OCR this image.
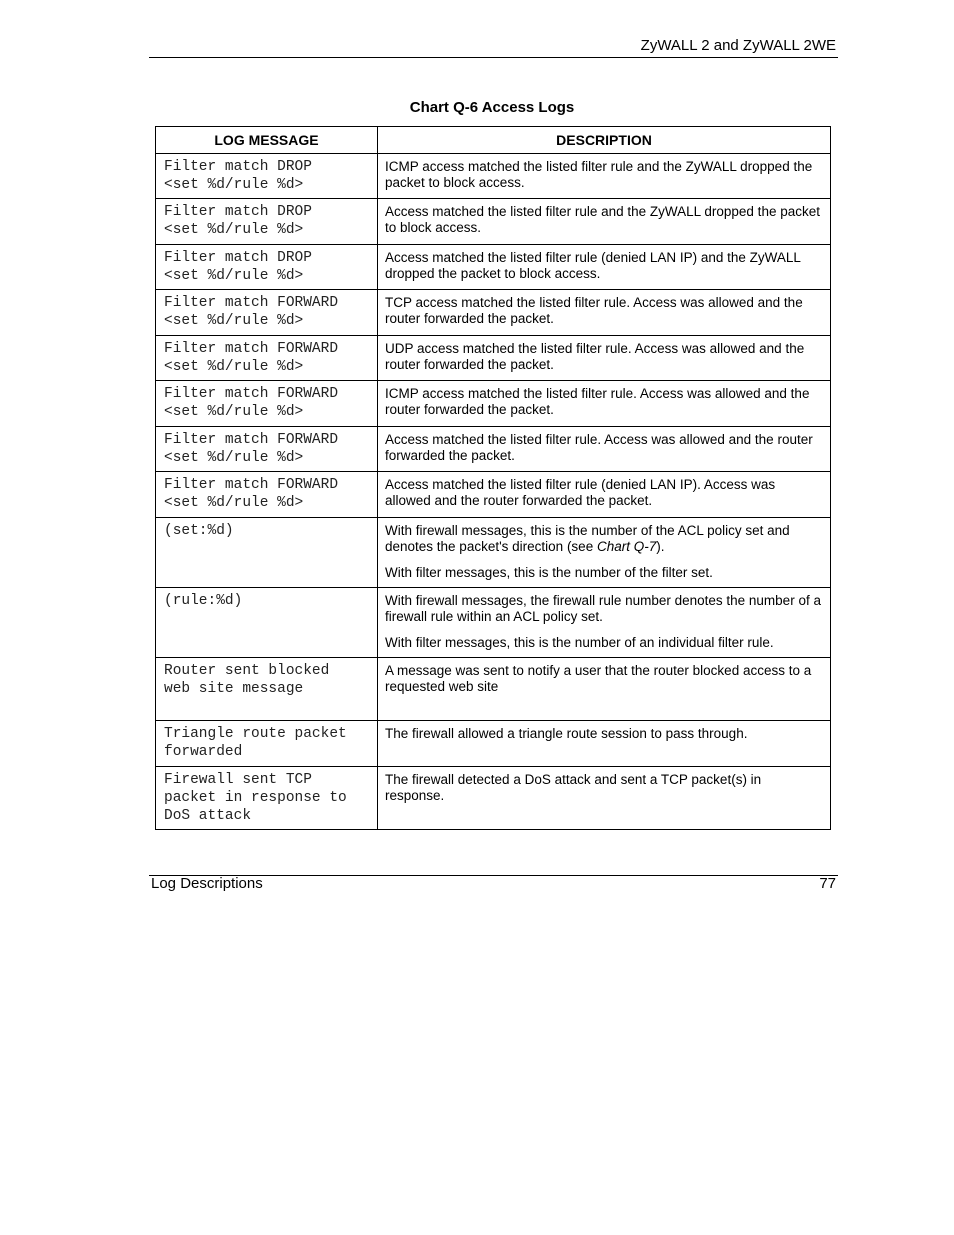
ZyWALL 2 and ZyWALL 2WE
Chart Q-6 Access Logs
LOG MESSAGE	DESCRIPTION
Filter match DROP
<set %d/rule %d>	ICMP access matched the listed filter rule and the ZyWALL dropped the packet to block access.
Filter match DROP
<set %d/rule %d>	Access matched the listed filter rule and the ZyWALL dropped the packet to block access.
Filter match DROP
<set %d/rule %d>	Access matched the listed filter rule (denied LAN IP) and the ZyWALL dropped the packet to block access.
Filter match FORWARD
<set %d/rule %d>	TCP access matched the listed filter rule. Access was allowed and the router forwarded the packet.
Filter match FORWARD
<set %d/rule %d>	UDP access matched the listed filter rule. Access was allowed and the router forwarded the packet.
Filter match FORWARD
<set %d/rule %d>	ICMP access matched the listed filter rule. Access was allowed and the router forwarded the packet.
Filter match FORWARD
<set %d/rule %d>	Access matched the listed filter rule. Access was allowed and the router forwarded the packet.
Filter match FORWARD
<set %d/rule %d>	Access matched the listed filter rule (denied LAN IP). Access was allowed and the router forwarded the packet.
(set:%d)	With firewall messages, this is the number of the ACL policy set and denotes the packet's direction (see Chart Q-7).

With filter messages, this is the number of the filter set.

(rule:%d)	With firewall messages, the firewall rule number denotes the number of a firewall rule within an ACL policy set.

With filter messages, this is the number of an individual filter rule.

Router sent blocked
web site message	A message was sent to notify a user that the router blocked access to a requested web site
Triangle route packet
forwarded	The firewall allowed a triangle route session to pass through.
Firewall sent TCP
packet in response to
DoS attack	The firewall detected a DoS attack and sent a TCP packet(s) in response.
Log Descriptions	77
